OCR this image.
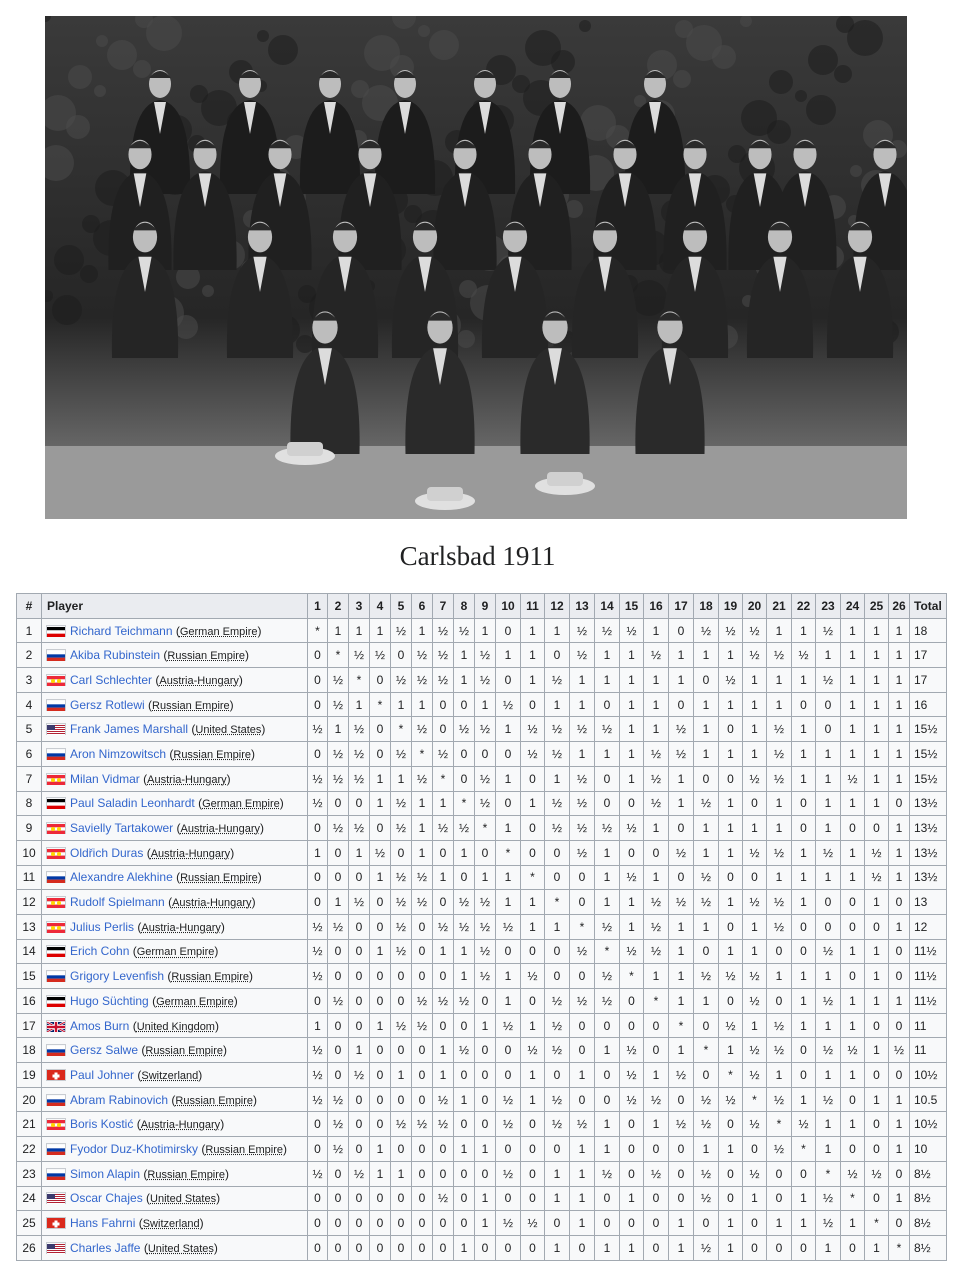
Carlsbad 1911
#	Player	1	2	3	4	5	6	7	8	9	10	11	12	13	14	15	16	17	18	19	20	21	22	23	24	25	26	Total
1	Richard Teichmann (German Empire)	*	1	1	1	½	1	½	½	1	0	1	1	½	½	½	1	0	½	½	½	1	1	½	1	1	1	18
2	Akiba Rubinstein (Russian Empire)	0	*	½	½	0	½	½	1	½	1	1	0	½	1	1	½	1	1	1	½	½	½	1	1	1	1	17
3	Carl Schlechter (Austria-Hungary)	0	½	*	0	½	½	½	1	½	0	1	½	1	1	1	1	1	0	½	1	1	1	½	1	1	1	17
4	Gersz Rotlewi (Russian Empire)	0	½	1	*	1	1	0	0	1	½	0	1	1	0	1	1	0	1	1	1	1	0	0	1	1	1	16
5	Frank James Marshall (United States)	½	1	½	0	*	½	0	½	½	1	½	½	½	½	1	1	½	1	0	1	½	1	0	1	1	1	15½
6	Aron Nimzowitsch (Russian Empire)	0	½	½	0	½	*	½	0	0	0	½	½	1	1	1	½	½	1	1	1	½	1	1	1	1	1	15½
7	Milan Vidmar (Austria-Hungary)	½	½	½	1	1	½	*	0	½	1	0	1	½	0	1	½	1	0	0	½	½	1	1	½	1	1	15½
8	Paul Saladin Leonhardt (German Empire)	½	0	0	1	½	1	1	*	½	0	1	½	½	0	0	½	1	½	1	0	1	0	1	1	1	0	13½
9	Savielly Tartakower (Austria-Hungary)	0	½	½	0	½	1	½	½	*	1	0	½	½	½	½	1	0	1	1	1	1	0	1	0	0	1	13½
10	Oldřich Duras (Austria-Hungary)	1	0	1	½	0	1	0	1	0	*	0	0	½	1	0	0	½	1	1	½	½	1	½	1	½	1	13½
11	Alexandre Alekhine (Russian Empire)	0	0	0	1	½	½	1	0	1	1	*	0	0	1	½	1	0	½	0	0	1	1	1	1	½	1	13½
12	Rudolf Spielmann (Austria-Hungary)	0	1	½	0	½	½	0	½	½	1	1	*	0	1	1	½	½	½	1	½	½	1	0	0	1	0	13
13	Julius Perlis (Austria-Hungary)	½	½	0	0	½	0	½	½	½	½	1	1	*	½	1	½	1	1	0	1	½	0	0	0	0	1	12
14	Erich Cohn (German Empire)	½	0	0	1	½	0	1	1	½	0	0	0	½	*	½	½	1	0	1	1	0	0	½	1	1	0	11½
15	Grigory Levenfish (Russian Empire)	½	0	0	0	0	0	0	1	½	1	½	0	0	½	*	1	1	½	½	½	1	1	1	0	1	0	11½
16	Hugo Süchting (German Empire)	0	½	0	0	0	½	½	½	0	1	0	½	½	½	0	*	1	1	0	½	0	1	½	1	1	1	11½
17	Amos Burn (United Kingdom)	1	0	0	1	½	½	0	0	1	½	1	½	0	0	0	0	*	0	½	1	½	1	1	1	0	0	11
18	Gersz Salwe (Russian Empire)	½	0	1	0	0	0	1	½	0	0	½	½	0	1	½	0	1	*	1	½	½	0	½	½	1	½	11
19	Paul Johner (Switzerland)	½	0	½	0	1	0	1	0	0	0	1	0	1	0	½	1	½	0	*	½	1	0	1	1	0	0	10½
20	Abram Rabinovich (Russian Empire)	½	½	0	0	0	0	½	1	0	½	1	½	0	0	½	½	0	½	½	*	½	1	½	0	1	1	10.5
21	Boris Kostić (Austria-Hungary)	0	½	0	0	½	½	½	0	0	½	0	½	½	1	0	1	½	½	0	½	*	½	1	1	0	1	10½
22	Fyodor Duz-Khotimirsky (Russian Empire)	0	½	0	1	0	0	0	1	1	0	0	0	1	1	0	0	0	1	1	0	½	*	1	0	0	1	10
23	Simon Alapin (Russian Empire)	½	0	½	1	1	0	0	0	0	½	0	1	1	½	0	½	0	½	0	½	0	0	*	½	½	0	8½
24	Oscar Chajes (United States)	0	0	0	0	0	0	½	0	1	0	0	1	1	0	1	0	0	½	0	1	0	1	½	*	0	1	8½
25	Hans Fahrni (Switzerland)	0	0	0	0	0	0	0	0	1	½	½	0	1	0	0	0	1	0	1	0	1	1	½	1	*	0	8½
26	Charles Jaffe (United States)	0	0	0	0	0	0	0	1	0	0	0	1	0	1	1	0	1	½	1	0	0	0	1	0	1	*	8½
